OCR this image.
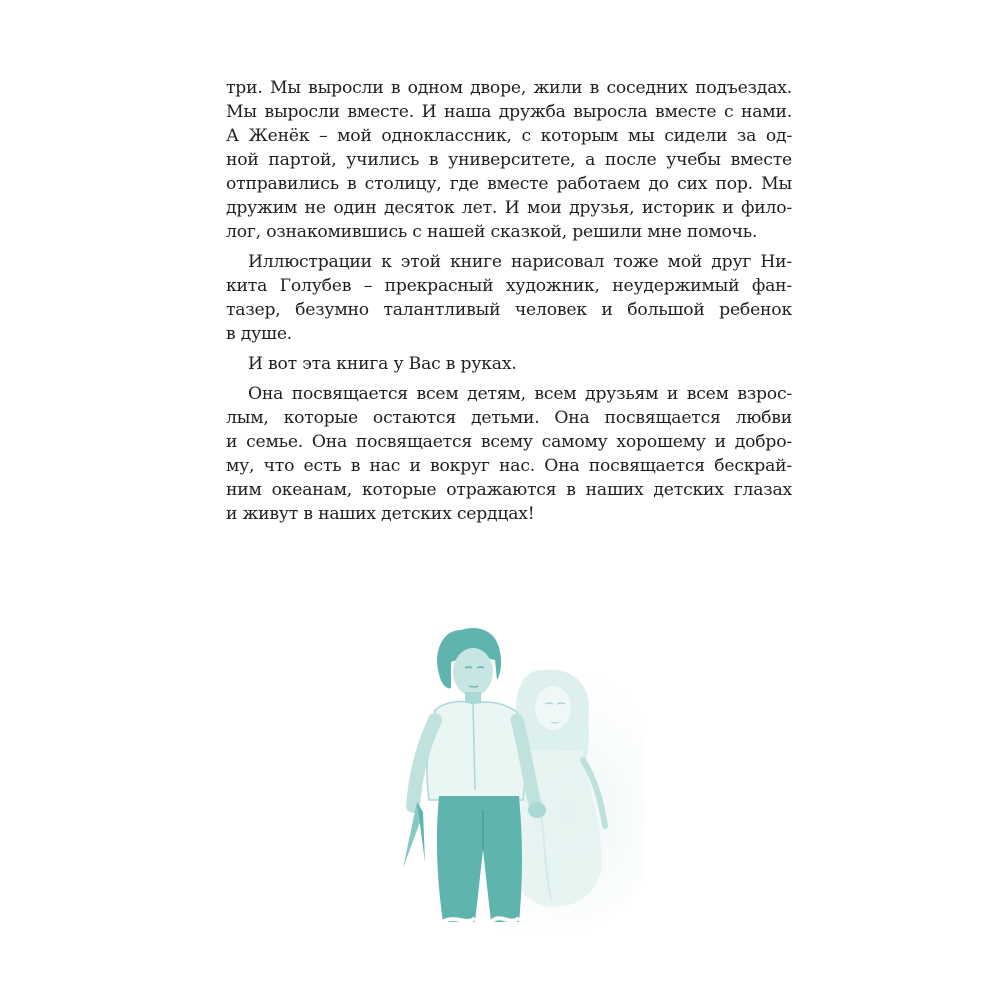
три. Мы выросли в одном дворе, жили в соседних подъездах.
Мы выросли вместе. И наша дружба выросла вместе с нами.
А Женёк – мой одноклассник, с которым мы сидели за од-
ной партой, учились в университете, а после учебы вместе
отправились в столицу, где вместе работаем до сих пор. Мы
дружим не один десяток лет. И мои друзья, историк и фило-
лог, ознакомившись с нашей сказкой, решили мне помочь.
Иллюстрации к этой книге нарисовал тоже мой друг Ни-
кита Голубев – прекрасный художник, неудержимый фан-
тазер, безумно талантливый человек и большой ребенок
в душе.
И вот эта книга у Вас в руках.
Она посвящается всем детям, всем друзьям и всем взрос-
лым, которые остаются детьми. Она посвящается любви
и семье. Она посвящается всему самому хорошему и добро-
му, что есть в нас и вокруг нас. Она посвящается бескрай-
ним океанам, которые отражаются в наших детских глазах
и живут в наших детских сердцах!
